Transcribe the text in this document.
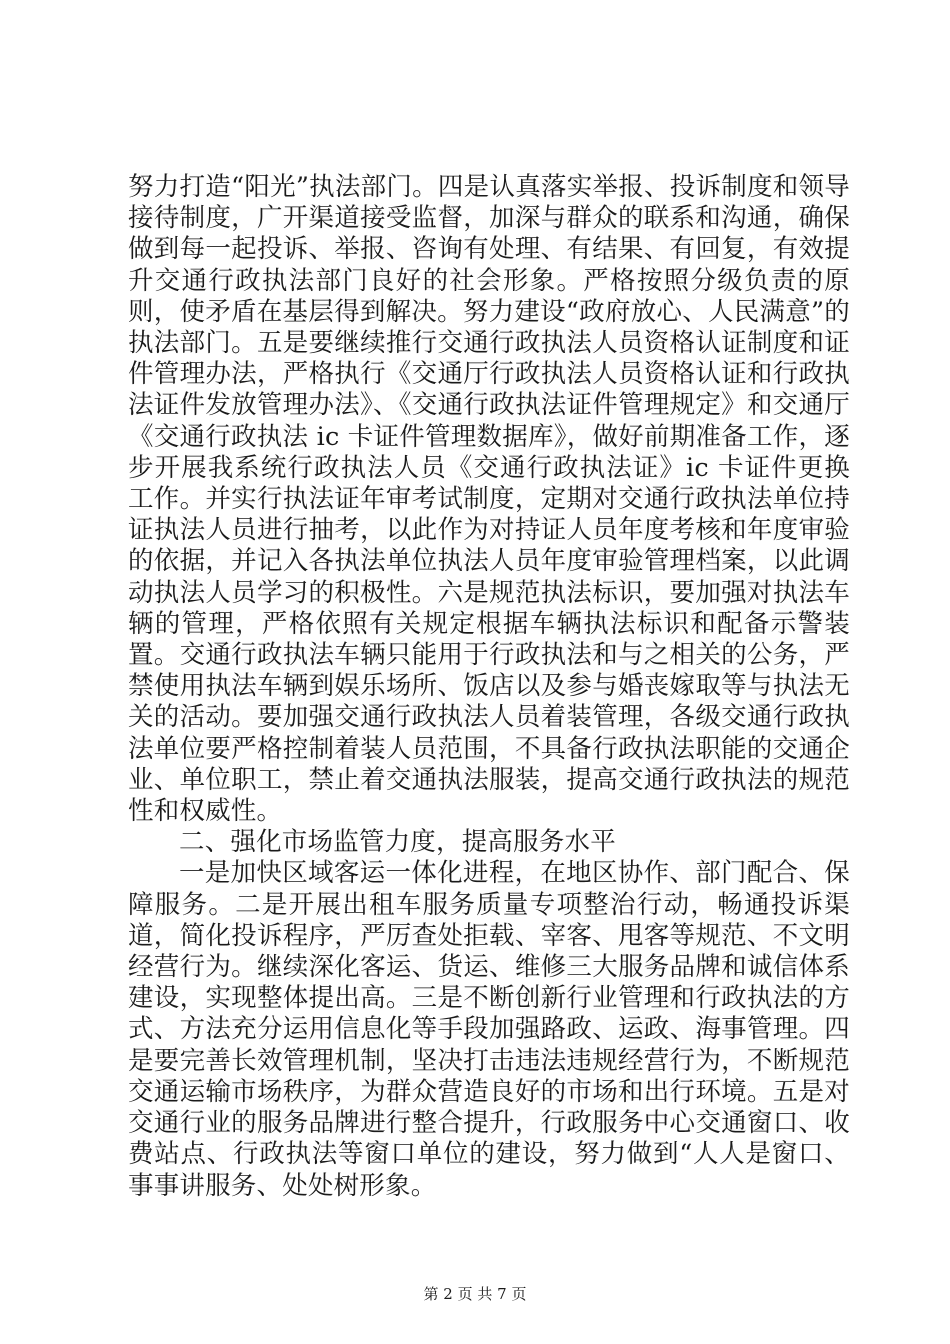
努力打造“阳光”执法部门。四是认真落实举报、投诉制度和领导接待制度，广开渠道接受监督，加深与群众的联系和沟通，确保做到每一起投诉、举报、咨询有处理、有结果、有回复，有效提升交通行政执法部门良好的社会形象。严格按照分级负责的原则，使矛盾在基层得到解决。努力建设“政府放心、人民满意”的执法部门。五是要继续推行交通行政执法人员资格认证制度和证件管理办法，严格执行《交通厅行政执法人员资格认证和行政执法证件发放管理办法》、《交通行政执法证件管理规定》和交通厅《交通行政执法 ic 卡证件管理数据库》，做好前期准备工作，逐步开展我系统行政执法人员《交通行政执法证》ic 卡证件更换工作。并实行执法证年审考试制度，定期对交通行政执法单位持证执法人员进行抽考，以此作为对持证人员年度考核和年度审验的依据，并记入各执法单位执法人员年度审验管理档案，以此调动执法人员学习的积极性。六是规范执法标识，要加强对执法车辆的管理，严格依照有关规定根据车辆执法标识和配备示警装置。交通行政执法车辆只能用于行政执法和与之相关的公务，严禁使用执法车辆到娱乐场所、饭店以及参与婚丧嫁取等与执法无关的活动。要加强交通行政执法人员着装管理，各级交通行政执法单位要严格控制着装人员范围，不具备行政执法职能的交通企业、单位职工，禁止着交通执法服装，提高交通行政执法的规范性和权威性。

二、强化市场监管力度，提高服务水平

一是加快区域客运一体化进程，在地区协作、部门配合、保障服务。二是开展出租车服务质量专项整治行动，畅通投诉渠道，简化投诉程序，严厉查处拒载、宰客、甩客等规范、不文明经营行为。继续深化客运、货运、维修三大服务品牌和诚信体系建设，实现整体提出高。三是不断创新行业管理和行政执法的方式、方法充分运用信息化等手段加强路政、运政、海事管理。四是要完善长效管理机制，坚决打击违法违规经营行为，不断规范交通运输市场秩序，为群众营造良好的市场和出行环境。五是对交通行业的服务品牌进行整合提升，行政服务中心交通窗口、收费站点、行政执法等窗口单位的建设，努力做到“人人是窗口、事事讲服务、处处树形象。

第 2 页 共 7 页
